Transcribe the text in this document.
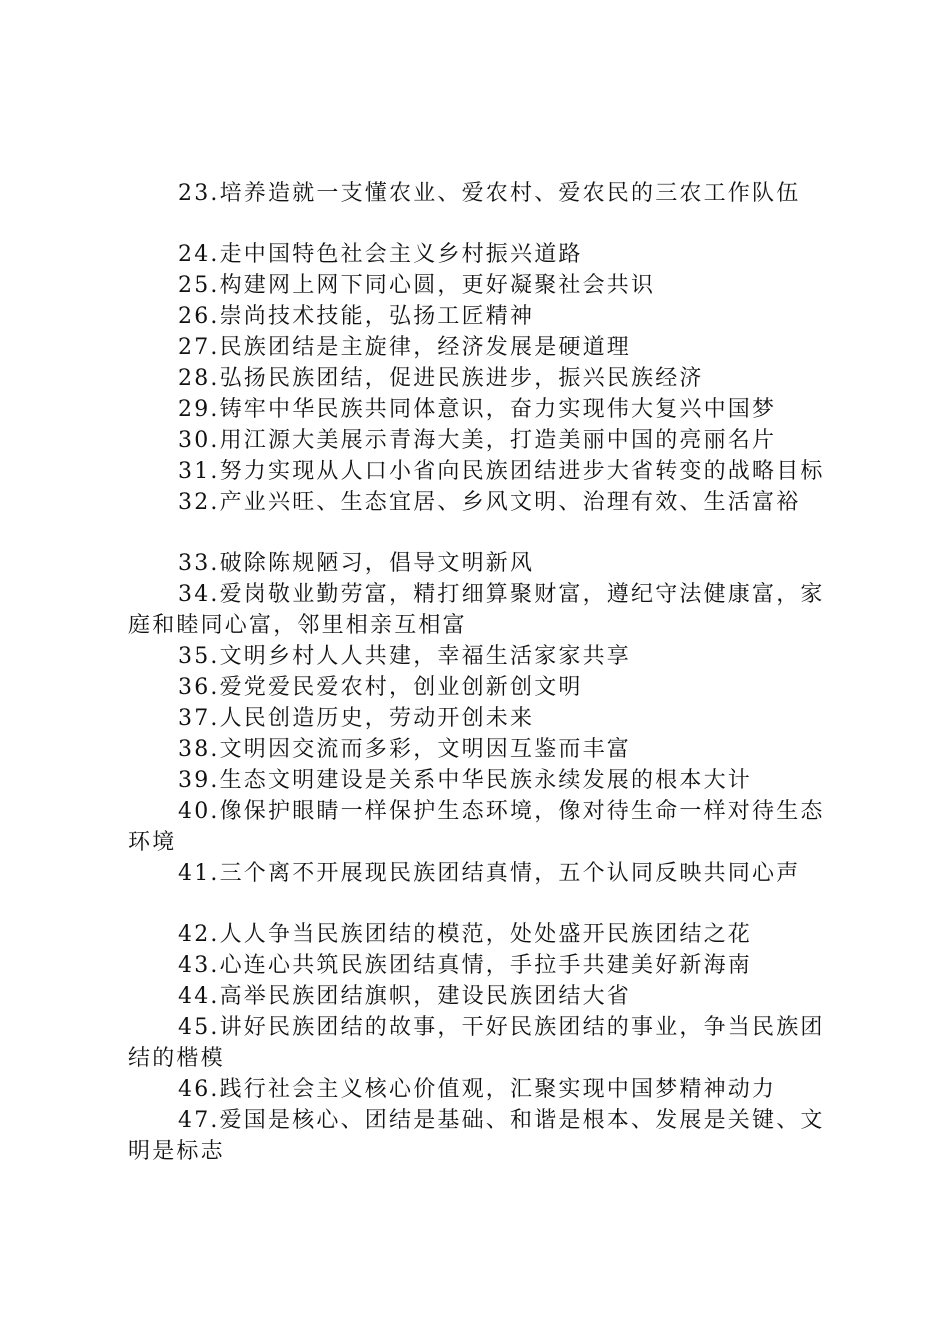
23.培养造就一支懂农业、爱农村、爱农民的三农工作队伍

24.走中国特色社会主义乡村振兴道路

25.构建网上网下同心圆，更好凝聚社会共识

26.崇尚技术技能，弘扬工匠精神

27.民族团结是主旋律，经济发展是硬道理

28.弘扬民族团结，促进民族进步，振兴民族经济

29.铸牢中华民族共同体意识，奋力实现伟大复兴中国梦

30.用江源大美展示青海大美，打造美丽中国的亮丽名片

31.努力实现从人口小省向民族团结进步大省转变的战略目标

32.产业兴旺、生态宜居、乡风文明、治理有效、生活富裕

33.破除陈规陋习，倡导文明新风

34.爱岗敬业勤劳富，精打细算聚财富，遵纪守法健康富，家庭和睦同心富，邻里相亲互相富

35.文明乡村人人共建，幸福生活家家共享

36.爱党爱民爱农村，创业创新创文明

37.人民创造历史，劳动开创未来

38.文明因交流而多彩，文明因互鉴而丰富

39.生态文明建设是关系中华民族永续发展的根本大计

40.像保护眼睛一样保护生态环境，像对待生命一样对待生态环境

41.三个离不开展现民族团结真情，五个认同反映共同心声

42.人人争当民族团结的模范，处处盛开民族团结之花

43.心连心共筑民族团结真情，手拉手共建美好新海南

44.高举民族团结旗帜，建设民族团结大省

45.讲好民族团结的故事，干好民族团结的事业，争当民族团结的楷模

46.践行社会主义核心价值观，汇聚实现中国梦精神动力

47.爱国是核心、团结是基础、和谐是根本、发展是关键、文明是标志
